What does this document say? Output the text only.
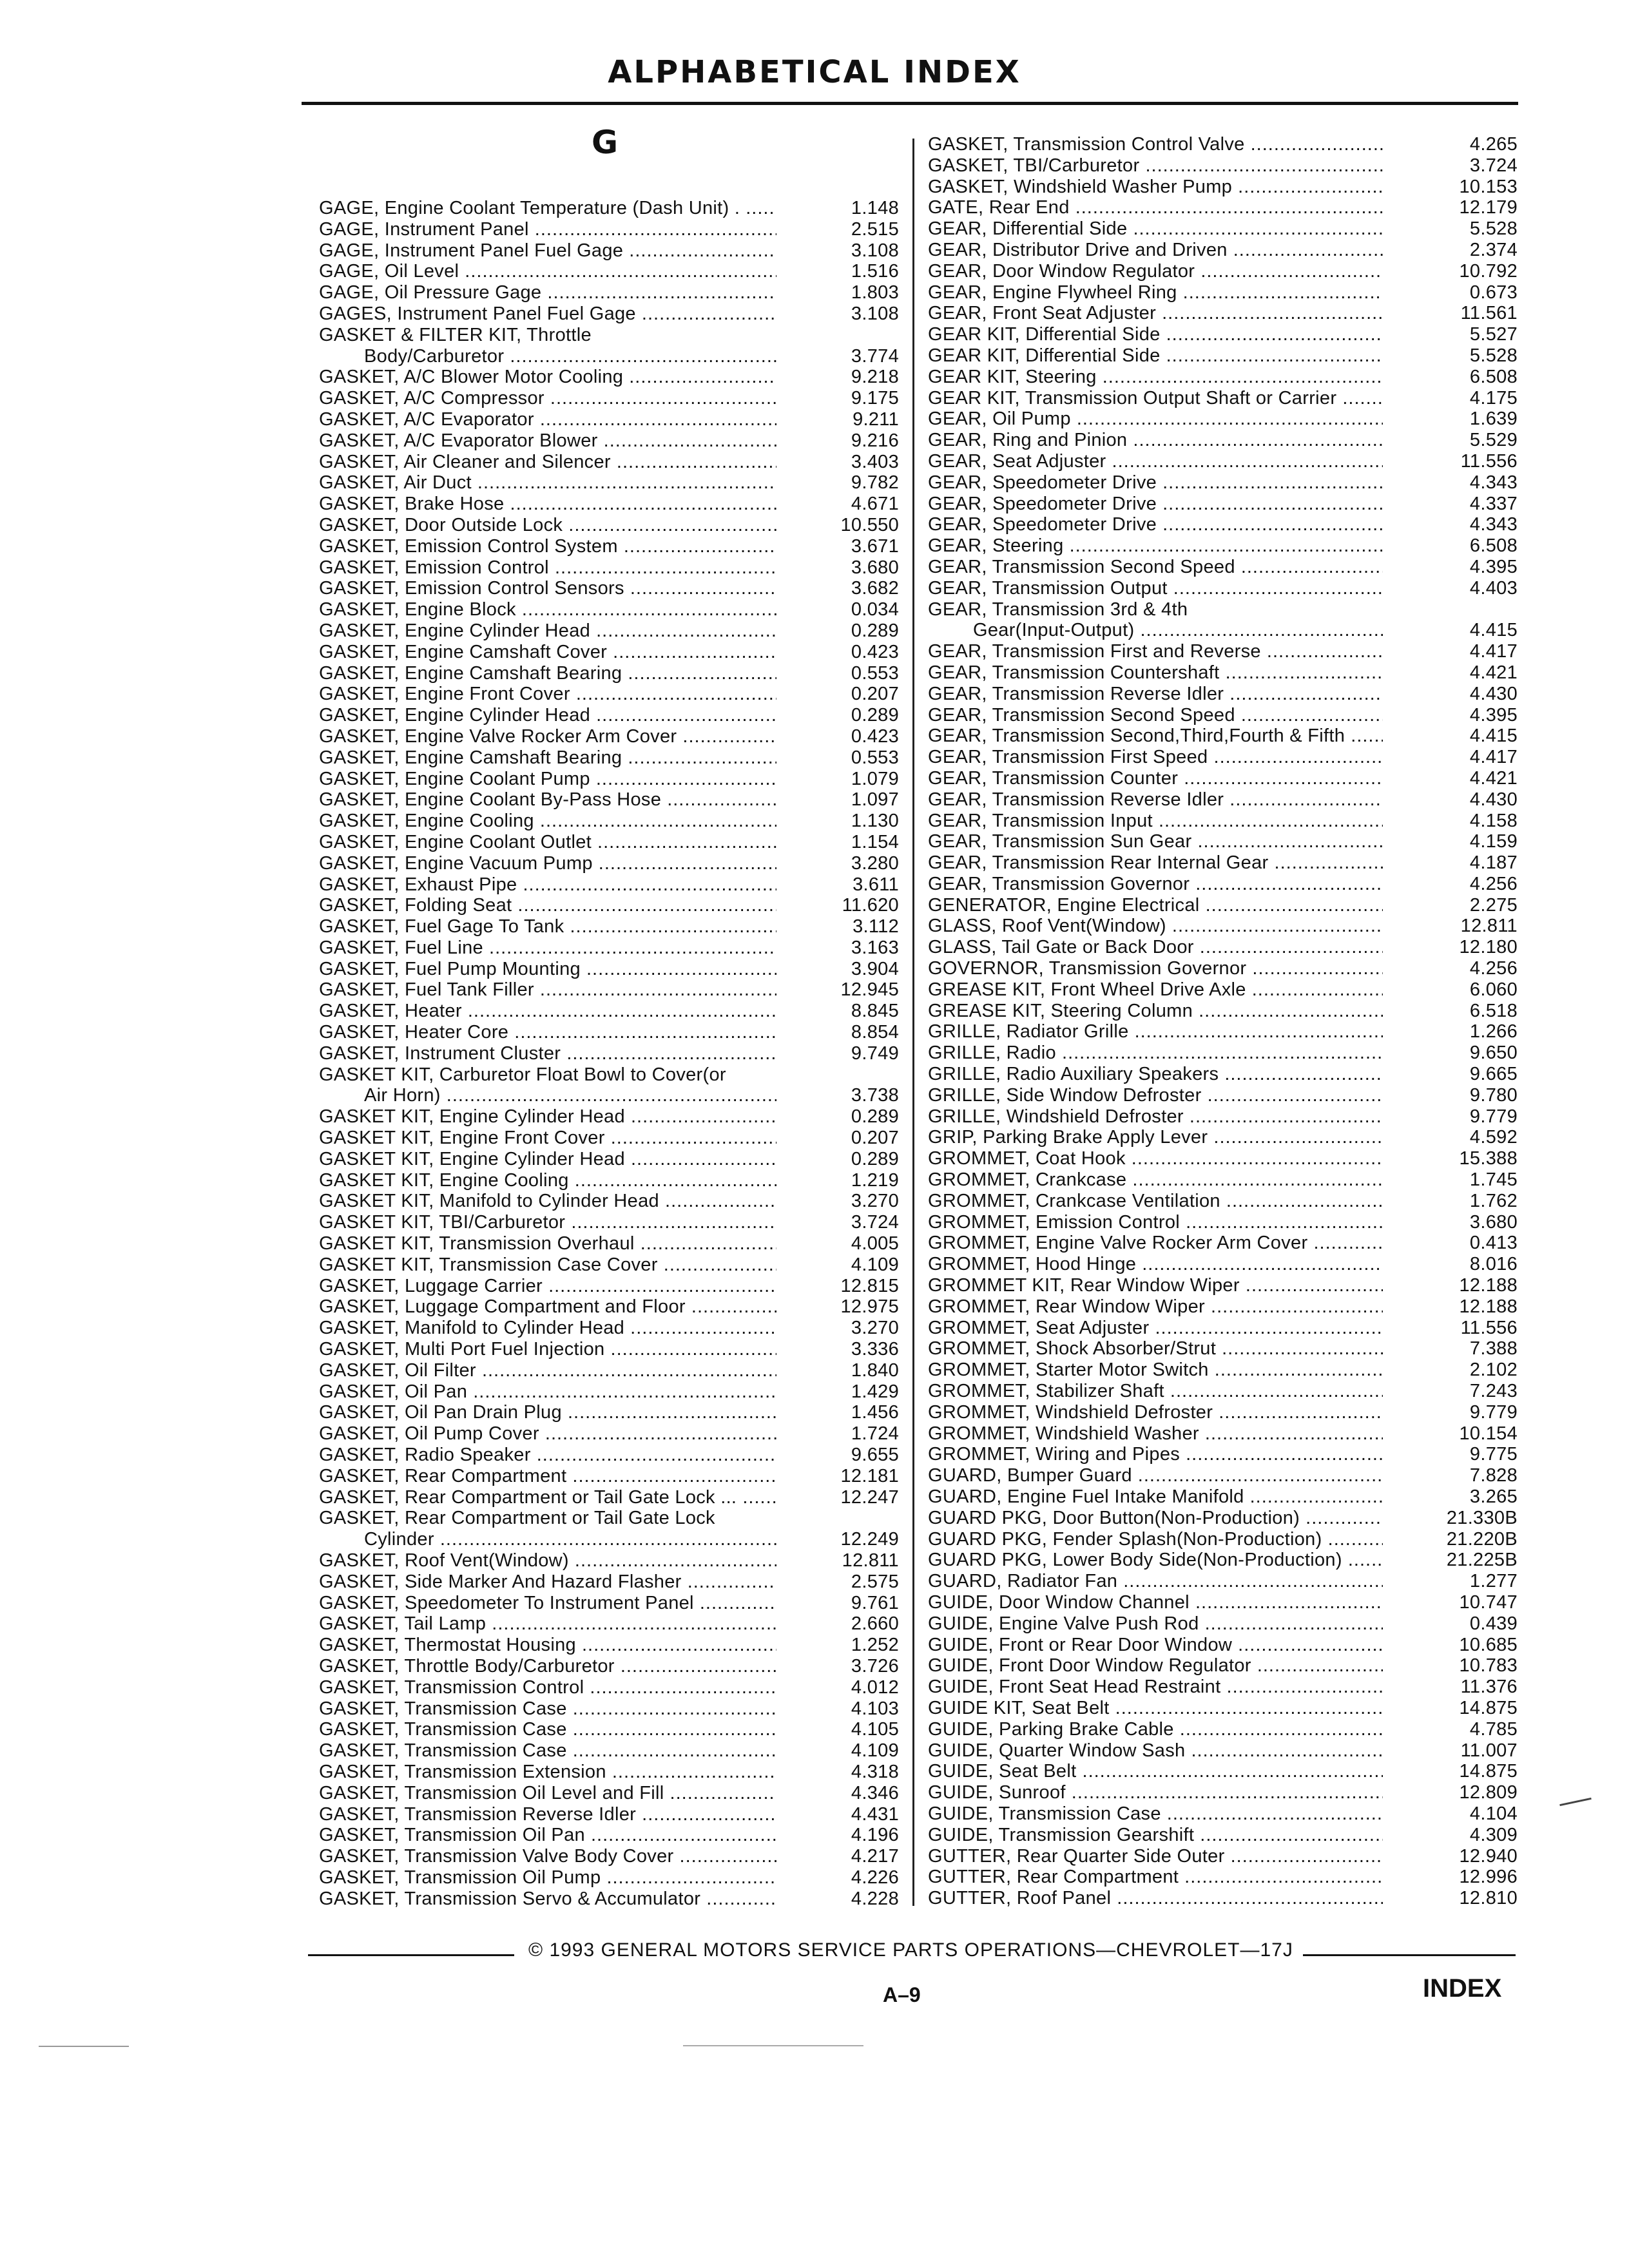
ALPHABETICAL INDEX
G
GAGE, Engine Coolant Temperature (Dash Unit) . .....	1.148
GAGE, Instrument Panel .....	2.515
GAGE, Instrument Panel Fuel Gage .....	3.108
GAGE, Oil Level .....	1.516
GAGE, Oil Pressure Gage .....	1.803
GAGES, Instrument Panel Fuel Gage .....	3.108
GASKET & FILTER KIT, Throttle
Body/Carburetor .....	3.774
GASKET, A/C Blower Motor Cooling .....	9.218
GASKET, A/C Compressor .....	9.175
GASKET, A/C Evaporator .....	9.211
GASKET, A/C Evaporator Blower .....	9.216
GASKET, Air Cleaner and Silencer .....	3.403
GASKET, Air Duct .....	9.782
GASKET, Brake Hose .....	4.671
GASKET, Door Outside Lock .....	10.550
GASKET, Emission Control System .....	3.671
GASKET, Emission Control .....	3.680
GASKET, Emission Control Sensors .....	3.682
GASKET, Engine Block .....	0.034
GASKET, Engine Cylinder Head .....	0.289
GASKET, Engine Camshaft Cover .....	0.423
GASKET, Engine Camshaft Bearing .....	0.553
GASKET, Engine Front Cover .....	0.207
GASKET, Engine Cylinder Head .....	0.289
GASKET, Engine Valve Rocker Arm Cover .....	0.423
GASKET, Engine Camshaft Bearing .....	0.553
GASKET, Engine Coolant Pump .....	1.079
GASKET, Engine Coolant By-Pass Hose .....	1.097
GASKET, Engine Cooling .....	1.130
GASKET, Engine Coolant Outlet .....	1.154
GASKET, Engine Vacuum Pump .....	3.280
GASKET, Exhaust Pipe .....	3.611
GASKET, Folding Seat .....	11.620
GASKET, Fuel Gage To Tank .....	3.112
GASKET, Fuel Line .....	3.163
GASKET, Fuel Pump Mounting .....	3.904
GASKET, Fuel Tank Filler .....	12.945
GASKET, Heater .....	8.845
GASKET, Heater Core .....	8.854
GASKET, Instrument Cluster .....	9.749
GASKET KIT, Carburetor Float Bowl to Cover(or
Air Horn) .....	3.738
GASKET KIT, Engine Cylinder Head .....	0.289
GASKET KIT, Engine Front Cover .....	0.207
GASKET KIT, Engine Cylinder Head .....	0.289
GASKET KIT, Engine Cooling .....	1.219
GASKET KIT, Manifold to Cylinder Head .....	3.270
GASKET KIT, TBI/Carburetor .....	3.724
GASKET KIT, Transmission Overhaul .....	4.005
GASKET KIT, Transmission Case Cover .....	4.109
GASKET, Luggage Carrier .....	12.815
GASKET, Luggage Compartment and Floor .....	12.975
GASKET, Manifold to Cylinder Head .....	3.270
GASKET, Multi Port Fuel Injection .....	3.336
GASKET, Oil Filter .....	1.840
GASKET, Oil Pan .....	1.429
GASKET, Oil Pan Drain Plug .....	1.456
GASKET, Oil Pump Cover .....	1.724
GASKET, Radio Speaker .....	9.655
GASKET, Rear Compartment .....	12.181
GASKET, Rear Compartment or Tail Gate Lock ... .....	12.247
GASKET, Rear Compartment or Tail Gate Lock
Cylinder .....	12.249
GASKET, Roof Vent(Window) .....	12.811
GASKET, Side Marker And Hazard Flasher .....	2.575
GASKET, Speedometer To Instrument Panel .....	9.761
GASKET, Tail Lamp .....	2.660
GASKET, Thermostat Housing .....	1.252
GASKET, Throttle Body/Carburetor .....	3.726
GASKET, Transmission Control .....	4.012
GASKET, Transmission Case .....	4.103
GASKET, Transmission Case .....	4.105
GASKET, Transmission Case .....	4.109
GASKET, Transmission Extension .....	4.318
GASKET, Transmission Oil Level and Fill .....	4.346
GASKET, Transmission Reverse Idler .....	4.431
GASKET, Transmission Oil Pan .....	4.196
GASKET, Transmission Valve Body Cover .....	4.217
GASKET, Transmission Oil Pump .....	4.226
GASKET, Transmission Servo & Accumulator .....	4.228
GASKET, Transmission Control Valve .....	4.265
GASKET, TBI/Carburetor .....	3.724
GASKET, Windshield Washer Pump .....	10.153
GATE, Rear End .....	12.179
GEAR, Differential Side .....	5.528
GEAR, Distributor Drive and Driven .....	2.374
GEAR, Door Window Regulator .....	10.792
GEAR, Engine Flywheel Ring .....	0.673
GEAR, Front Seat Adjuster .....	11.561
GEAR KIT, Differential Side .....	5.527
GEAR KIT, Differential Side .....	5.528
GEAR KIT, Steering .....	6.508
GEAR KIT, Transmission Output Shaft or Carrier .....	4.175
GEAR, Oil Pump .....	1.639
GEAR, Ring and Pinion .....	5.529
GEAR, Seat Adjuster .....	11.556
GEAR, Speedometer Drive .....	4.343
GEAR, Speedometer Drive .....	4.337
GEAR, Speedometer Drive .....	4.343
GEAR, Steering .....	6.508
GEAR, Transmission Second Speed .....	4.395
GEAR, Transmission Output .....	4.403
GEAR, Transmission 3rd & 4th
Gear(Input-Output) .....	4.415
GEAR, Transmission First and Reverse .....	4.417
GEAR, Transmission Countershaft .....	4.421
GEAR, Transmission Reverse Idler .....	4.430
GEAR, Transmission Second Speed .....	4.395
GEAR, Transmission Second,Third,Fourth & Fifth .....	4.415
GEAR, Transmission First Speed .....	4.417
GEAR, Transmission Counter .....	4.421
GEAR, Transmission Reverse Idler .....	4.430
GEAR, Transmission Input .....	4.158
GEAR, Transmission Sun Gear .....	4.159
GEAR, Transmission Rear Internal Gear .....	4.187
GEAR, Transmission Governor .....	4.256
GENERATOR, Engine Electrical .....	2.275
GLASS, Roof Vent(Window) .....	12.811
GLASS, Tail Gate or Back Door .....	12.180
GOVERNOR, Transmission Governor .....	4.256
GREASE KIT, Front Wheel Drive Axle .....	6.060
GREASE KIT, Steering Column .....	6.518
GRILLE, Radiator Grille .....	1.266
GRILLE, Radio .....	9.650
GRILLE, Radio Auxiliary Speakers .....	9.665
GRILLE, Side Window Defroster .....	9.780
GRILLE, Windshield Defroster .....	9.779
GRIP, Parking Brake Apply Lever .....	4.592
GROMMET, Coat Hook .....	15.388
GROMMET, Crankcase .....	1.745
GROMMET, Crankcase Ventilation .....	1.762
GROMMET, Emission Control .....	3.680
GROMMET, Engine Valve Rocker Arm Cover .....	0.413
GROMMET, Hood Hinge .....	8.016
GROMMET KIT, Rear Window Wiper .....	12.188
GROMMET, Rear Window Wiper .....	12.188
GROMMET, Seat Adjuster .....	11.556
GROMMET, Shock Absorber/Strut .....	7.388
GROMMET, Starter Motor Switch .....	2.102
GROMMET, Stabilizer Shaft .....	7.243
GROMMET, Windshield Defroster .....	9.779
GROMMET, Windshield Washer .....	10.154
GROMMET, Wiring and Pipes .....	9.775
GUARD, Bumper Guard .....	7.828
GUARD, Engine Fuel Intake Manifold .....	3.265
GUARD PKG, Door Button(Non-Production) .....	21.330B
GUARD PKG, Fender Splash(Non-Production) .....	21.220B
GUARD PKG, Lower Body Side(Non-Production) .....	21.225B
GUARD, Radiator Fan .....	1.277
GUIDE, Door Window Channel .....	10.747
GUIDE, Engine Valve Push Rod .....	0.439
GUIDE, Front or Rear Door Window .....	10.685
GUIDE, Front Door Window Regulator .....	10.783
GUIDE, Front Seat Head Restraint .....	11.376
GUIDE KIT, Seat Belt .....	14.875
GUIDE, Parking Brake Cable .....	4.785
GUIDE, Quarter Window Sash .....	11.007
GUIDE, Seat Belt .....	14.875
GUIDE, Sunroof .....	12.809
GUIDE, Transmission Case .....	4.104
GUIDE, Transmission Gearshift .....	4.309
GUTTER, Rear Quarter Side Outer .....	12.940
GUTTER, Rear Compartment .....	12.996
GUTTER, Roof Panel .....	12.810
© 1993 GENERAL MOTORS SERVICE PARTS OPERATIONS—CHEVROLET—17J
A–9	INDEX
